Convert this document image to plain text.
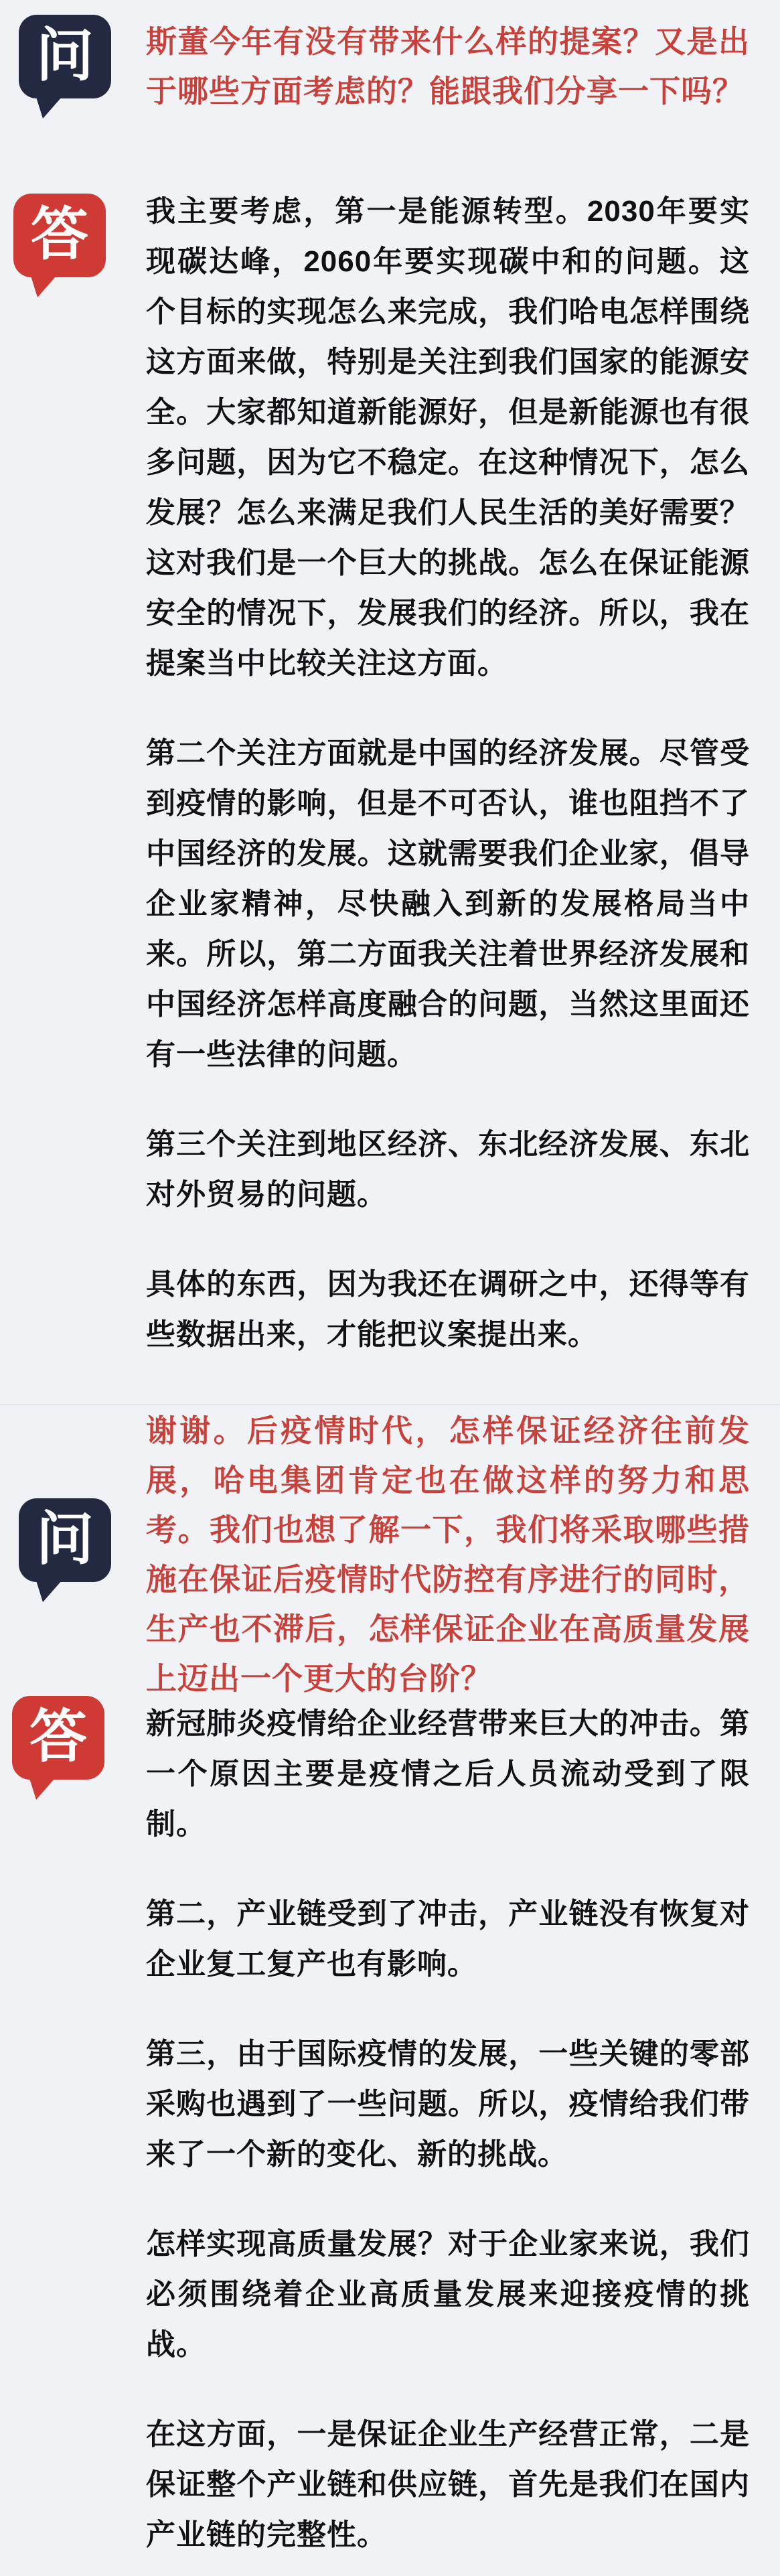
问 斯董今年有没有带来什么样的提案？又是出于哪些方面考虑的？能跟我们分享一下吗？
答 我主要考虑，第一是能源转型。2030年要实现碳达峰，2060年要实现碳中和的问题。这个目标的实现怎么来完成，我们哈电怎样围绕这方面来做，特别是关注到我们国家的能源安全。大家都知道新能源好，但是新能源也有很多问题，因为它不稳定。在这种情况下，怎么发展？怎么来满足我们人民生活的美好需要？这对我们是一个巨大的挑战。怎么在保证能源安全的情况下，发展我们的经济。所以，我在提案当中比较关注这方面。

第二个关注方面就是中国的经济发展。尽管受到疫情的影响，但是不可否认，谁也阻挡不了中国经济的发展。这就需要我们企业家，倡导企业家精神，尽快融入到新的发展格局当中来。所以，第二方面我关注着世界经济发展和中国经济怎样高度融合的问题，当然这里面还有一些法律的问题。

第三个关注到地区经济、东北经济发展、东北对外贸易的问题。

具体的东西，因为我还在调研之中，还得等有些数据出来，才能把议案提出来。

问
谢谢。后疫情时代，怎样保证经济往前发展，哈电集团肯定也在做这样的努力和思考。我们也想了解一下，我们将采取哪些措施在保证后疫情时代防控有序进行的同时，生产也不滞后，怎样保证企业在高质量发展上迈出一个更大的台阶？
答 新冠肺炎疫情给企业经营带来巨大的冲击。第一个原因主要是疫情之后人员流动受到了限制。

第二，产业链受到了冲击，产业链没有恢复对企业复工复产也有影响。

第三，由于国际疫情的发展，一些关键的零部采购也遇到了一些问题。所以，疫情给我们带来了一个新的变化、新的挑战。

怎样实现高质量发展？对于企业家来说，我们必须围绕着企业高质量发展来迎接疫情的挑战。

在这方面，一是保证企业生产经营正常，二是保证整个产业链和供应链，首先是我们在国内产业链的完整性。
